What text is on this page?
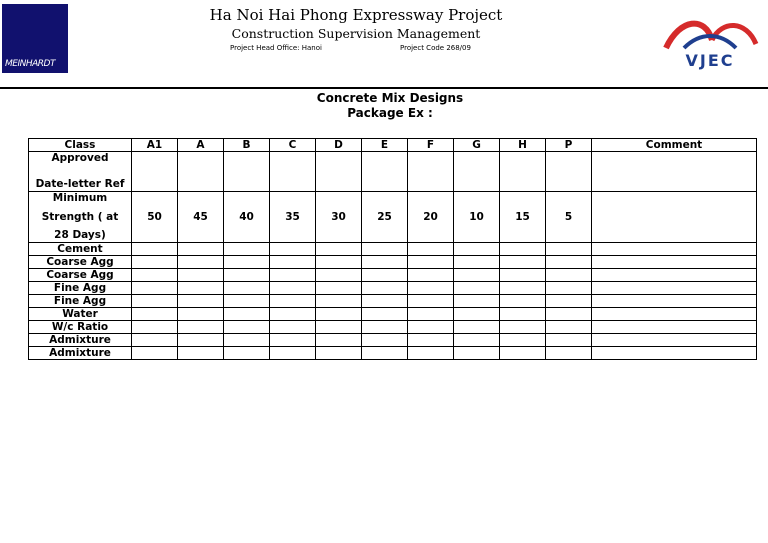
MEINHARDT
Ha Noi Hai Phong Expressway Project
Construction Supervision Management
Project Head Office: Hanoi	Project Code 268/09
VJEC
Concrete Mix Designs
Package Ex :
Class	A1	A	B	C	D	E	F	G	H	P	Comment

Approved
Date-letter Ref											

Minimum
Strength ( at
28 Days)	50	45	40	35	30	25	20	10	15	5	
Cement											
Coarse Agg											
Coarse Agg											
Fine Agg											
Fine Agg											
Water											
W/c Ratio											
Admixture											
Admixture											
